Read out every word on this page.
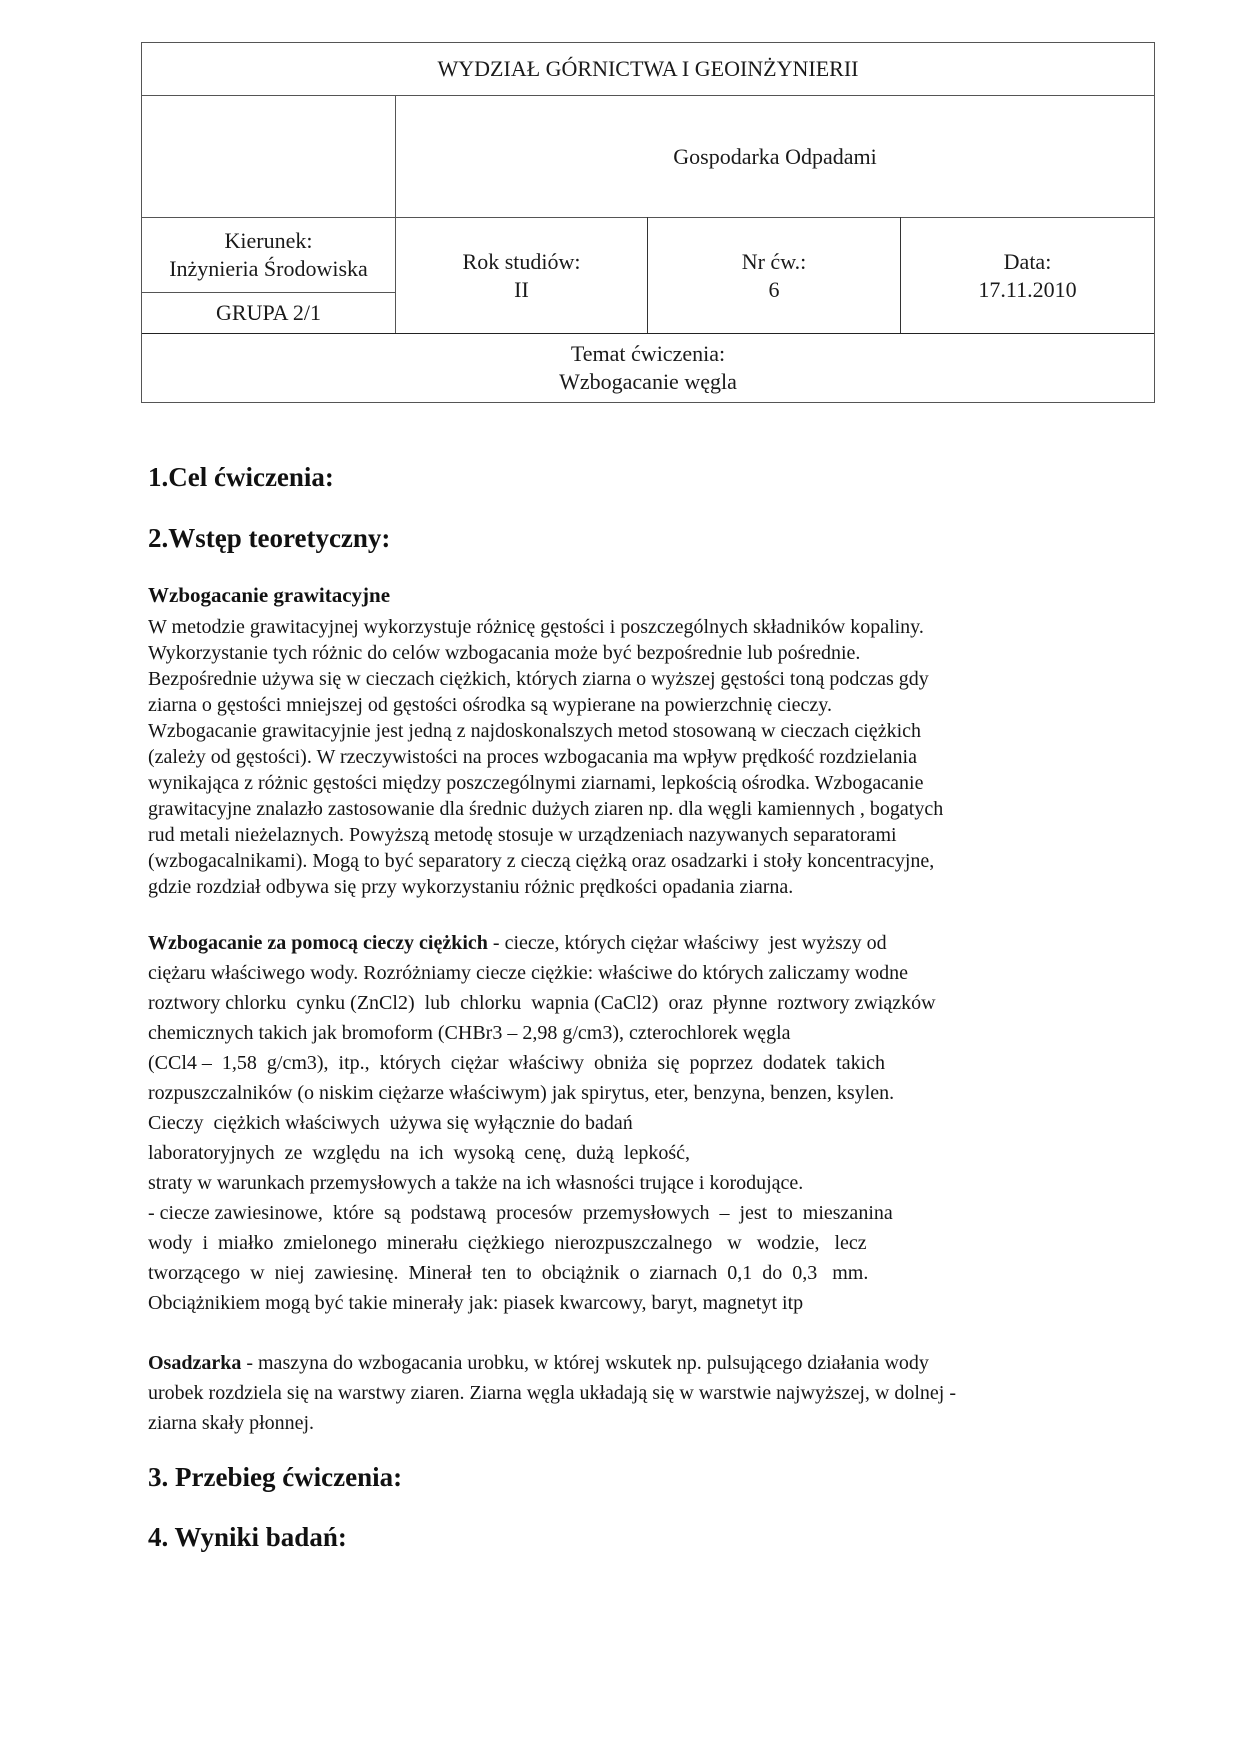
WYDZIAŁ GÓRNICTWA I GEOINŻYNIERII
Gospodarka Odpadami
Kierunek:
Inżynieria Środowiska
GRUPA 2/1
Rok studiów:
II
Nr ćw.:
6
Data:
17.11.2010
Temat ćwiczenia:
Wzbogacanie węgla
1.Cel ćwiczenia:
2.Wstęp teoretyczny:
Wzbogacanie grawitacyjne
W metodzie grawitacyjnej wykorzystuje różnicę gęstości i poszczególnych składników kopaliny.
Wykorzystanie tych różnic do celów wzbogacania może być bezpośrednie lub pośrednie.
Bezpośrednie używa się w cieczach ciężkich, których ziarna o wyższej gęstości toną podczas gdy
ziarna o gęstości mniejszej od gęstości ośrodka są wypierane na powierzchnię cieczy.
Wzbogacanie grawitacyjnie jest jedną z najdoskonalszych metod stosowaną w cieczach ciężkich
(zależy od gęstości). W rzeczywistości na proces wzbogacania ma wpływ prędkość rozdzielania
wynikająca z różnic gęstości między poszczególnymi ziarnami, lepkością ośrodka. Wzbogacanie
grawitacyjne znalazło zastosowanie dla średnic dużych ziaren np. dla węgli kamiennych , bogatych
rud metali nieżelaznych. Powyższą metodę stosuje w urządzeniach nazywanych separatorami
(wzbogacalnikami). Mogą to być separatory z cieczą ciężką oraz osadzarki i stoły koncentracyjne,
gdzie rozdział odbywa się przy wykorzystaniu różnic prędkości opadania ziarna.
Wzbogacanie za pomocą cieczy ciężkich - ciecze, których ciężar właściwy  jest wyższy od
ciężaru właściwego wody. Rozróżniamy ciecze ciężkie: właściwe do których zaliczamy wodne
roztwory chlorku  cynku (ZnCl2)  lub  chlorku  wapnia (CaCl2)  oraz  płynne  roztwory związków
chemicznych takich jak bromoform (CHBr3 – 2,98 g/cm3), czterochlorek węgla
(CCl4 –  1,58  g/cm3),  itp.,  których  ciężar  właściwy  obniża  się  poprzez  dodatek  takich
rozpuszczalników (o niskim ciężarze właściwym) jak spirytus, eter, benzyna, benzen, ksylen.
Cieczy  ciężkich właściwych  używa się wyłącznie do badań
laboratoryjnych  ze  względu  na  ich  wysoką  cenę,  dużą  lepkość,
straty w warunkach przemysłowych a także na ich własności trujące i korodujące.
- ciecze zawiesinowe,  które  są  podstawą  procesów  przemysłowych  –  jest  to  mieszanina
wody  i  miałko  zmielonego  minerału  ciężkiego  nierozpuszczalnego   w   wodzie,   lecz
tworzącego  w  niej  zawiesinę.  Minerał  ten  to  obciążnik  o  ziarnach  0,1  do  0,3   mm.
Obciążnikiem mogą być takie minerały jak: piasek kwarcowy, baryt, magnetyt itp
Osadzarka - maszyna do wzbogacania urobku, w której wskutek np. pulsującego działania wody
urobek rozdziela się na warstwy ziaren. Ziarna węgla układają się w warstwie najwyższej, w dolnej -
ziarna skały płonnej.
3. Przebieg ćwiczenia:
4. Wyniki badań:
